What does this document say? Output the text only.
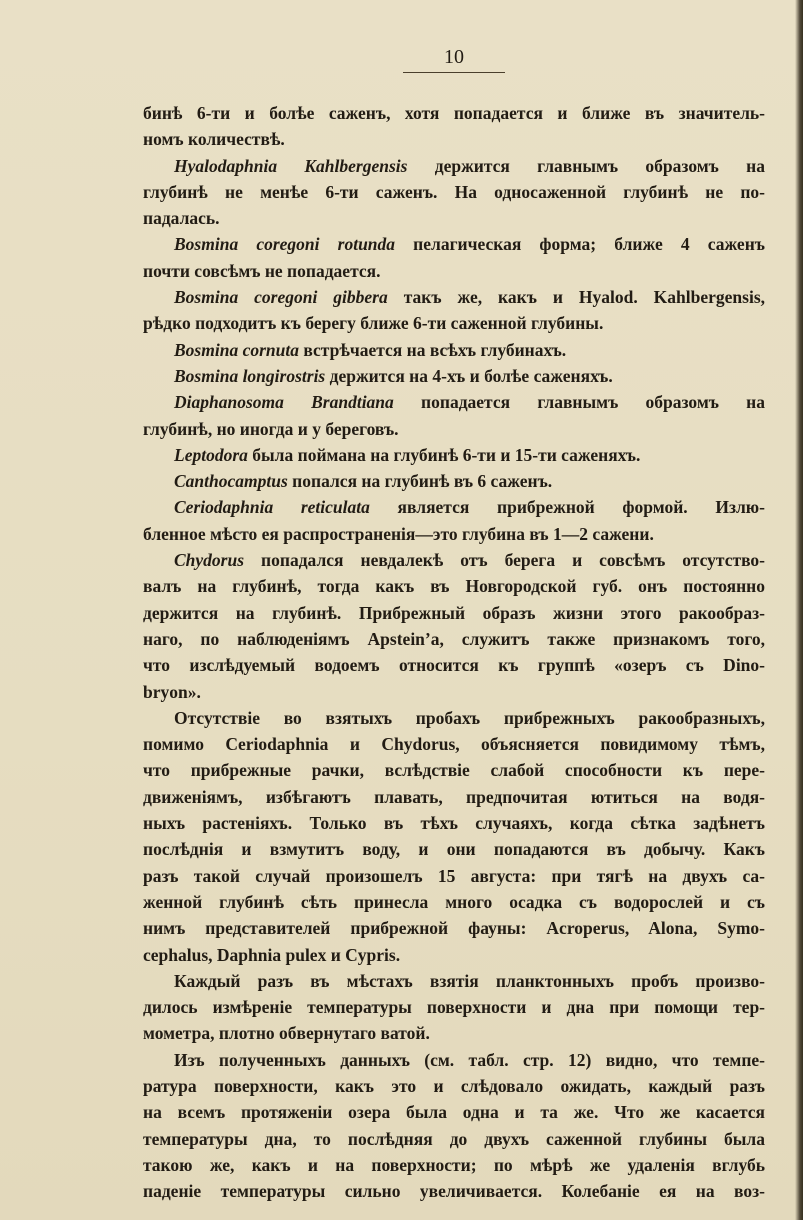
10
бинѣ 6-ти и болѣе саженъ, хотя попадается и ближе въ значитель-
номъ количествѣ.
Hyalodaphnia Kahlbergensis держится главнымъ образомъ на
глубинѣ не менѣе 6-ти саженъ. На односаженной глубинѣ не по-
падалась.
Bosmina coregoni rotunda пелагическая форма; ближе 4 саженъ
почти совсѣмъ не попадается.
Bosmina coregoni gibbera такъ же, какъ и Hyalod. Kahlbergensis,
рѣдко подходитъ къ берегу ближе 6-ти саженной глубины.
Bosmina cornuta встрѣчается на всѣхъ глубинахъ.
Bosmina longirostris держится на 4-хъ и болѣе саженяхъ.
Diaphanosoma Brandtiana попадается главнымъ образомъ на
глубинѣ, но иногда и у береговъ.
Leptodora была поймана на глубинѣ 6-ти и 15-ти саженяхъ.
Canthocamptus попался на глубинѣ въ 6 саженъ.
Ceriodaphnia reticulata является прибрежной формой. Излю-
бленное мѣсто ея распространенія—это глубина въ 1—2 сажени.
Chydorus попадался невдалекѣ отъ берега и совсѣмъ отсутство-
валъ на глубинѣ, тогда какъ въ Новгородской губ. онъ постоянно
держится на глубинѣ. Прибрежный образъ жизни этого ракообраз-
наго, по наблюденіямъ Apstein’a, служитъ также признакомъ того,
что изслѣдуемый водоемъ относится къ группѣ «озеръ съ Dino-
bryon».
Отсутствіе во взятыхъ пробахъ прибрежныхъ ракообразныхъ,
помимо Ceriodaphnia и Chydorus, объясняется повидимому тѣмъ,
что прибрежные рачки, вслѣдствіе слабой способности къ пере-
движеніямъ, избѣгаютъ плавать, предпочитая ютиться на водя-
ныхъ растеніяхъ. Только въ тѣхъ случаяхъ, когда сѣтка задѣнетъ
послѣднія и взмутитъ воду, и они попадаются въ добычу. Какъ
разъ такой случай произошелъ 15 августа: при тягѣ на двухъ са-
женной глубинѣ сѣть принесла много осадка съ водорослей и съ
нимъ представителей прибрежной фауны: Acroperus, Alona, Symo-
cephalus, Daphnia pulex и Cypris.
Каждый разъ въ мѣстахъ взятія планктонныхъ пробъ произво-
дилось измѣреніе температуры поверхности и дна при помощи тер-
мометра, плотно обвернутаго ватой.
Изъ полученныхъ данныхъ (см. табл. стр. 12) видно, что темпе-
ратура поверхности, какъ это и слѣдовало ожидать, каждый разъ
на всемъ протяженіи озера была одна и та же. Что же касается
температуры дна, то послѣдняя до двухъ саженной глубины была
такою же, какъ и на поверхности; по мѣрѣ же удаленія вглубь
паденіе температуры сильно увеличивается. Колебаніе ея на воз-
